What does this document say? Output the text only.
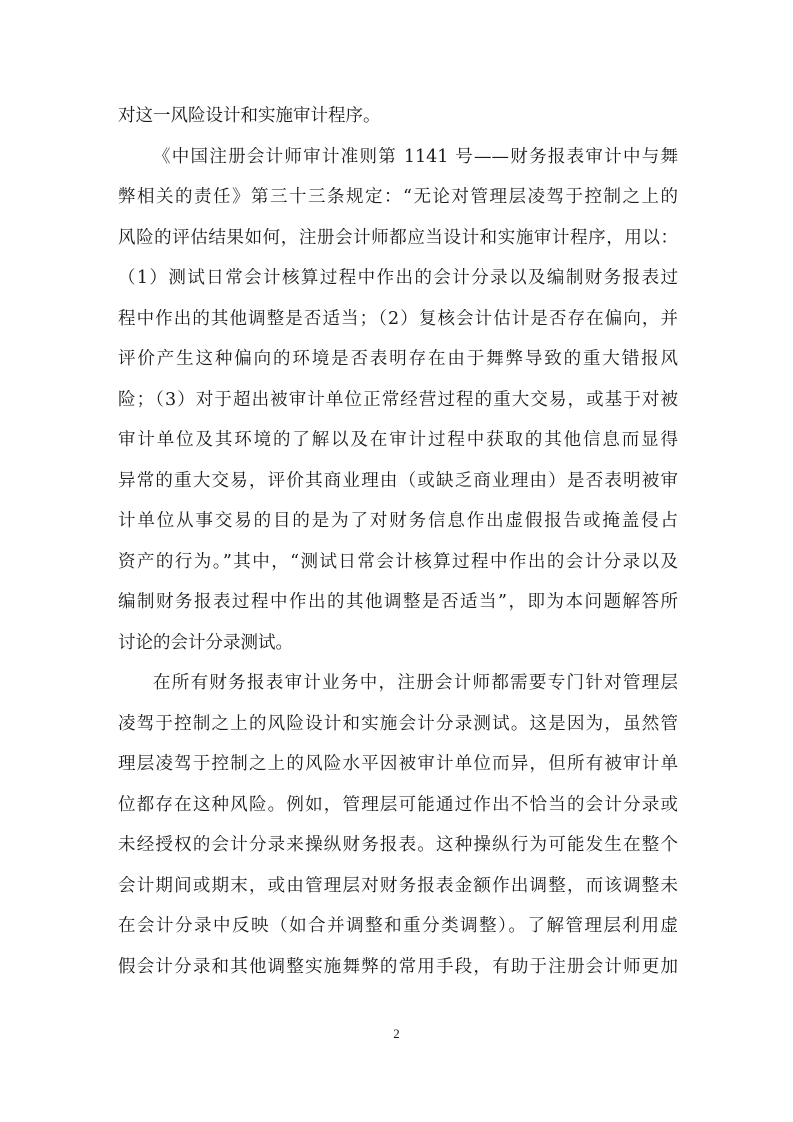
对这一风险设计和实施审计程序。
《中国注册会计师审计准则第 1141 号——财务报表审计中与舞
弊相关的责任》第三十三条规定：“无论对管理层凌驾于控制之上的
风险的评估结果如何，注册会计师都应当设计和实施审计程序，用以：
（1）测试日常会计核算过程中作出的会计分录以及编制财务报表过
程中作出的其他调整是否适当；（2）复核会计估计是否存在偏向，并
评价产生这种偏向的环境是否表明存在由于舞弊导致的重大错报风
险；（3）对于超出被审计单位正常经营过程的重大交易，或基于对被
审计单位及其环境的了解以及在审计过程中获取的其他信息而显得
异常的重大交易，评价其商业理由（或缺乏商业理由）是否表明被审
计单位从事交易的目的是为了对财务信息作出虚假报告或掩盖侵占
资产的行为。”其中，“测试日常会计核算过程中作出的会计分录以及
编制财务报表过程中作出的其他调整是否适当”，即为本问题解答所
讨论的会计分录测试。
在所有财务报表审计业务中，注册会计师都需要专门针对管理层
凌驾于控制之上的风险设计和实施会计分录测试。这是因为，虽然管
理层凌驾于控制之上的风险水平因被审计单位而异，但所有被审计单
位都存在这种风险。例如，管理层可能通过作出不恰当的会计分录或
未经授权的会计分录来操纵财务报表。这种操纵行为可能发生在整个
会计期间或期末，或由管理层对财务报表金额作出调整，而该调整未
在会计分录中反映（如合并调整和重分类调整）。了解管理层利用虚
假会计分录和其他调整实施舞弊的常用手段，有助于注册会计师更加
2
